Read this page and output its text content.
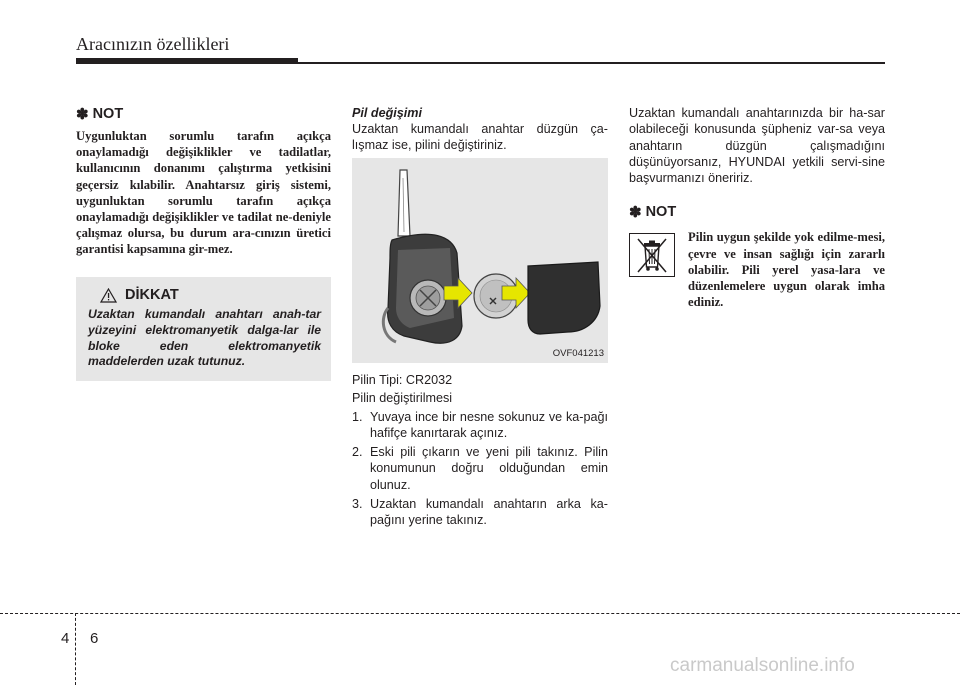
Aracınızın özellikleri
✽ NOT

Uygunluktan sorumlu tarafın açıkça onaylamadığı değişiklikler ve tadilatlar, kullanıcının donanımı çalıştırma yetkisini geçersiz kılabilir. Anahtarsız giriş sistemi, uygunluktan sorumlu tarafın açıkça onaylamadığı değişiklikler ve tadilat ne-deniyle çalışmaz olursa, bu durum ara-cınızın üretici garantisi kapsamına gir-mez.

DİKKAT

Uzaktan kumandalı anahtarı anah-tar yüzeyini elektromanyetik dalga-lar ile bloke eden elektromanyetik maddelerden uzak tutunuz.

Pil değişimi

Uzaktan kumandalı anahtar düzgün ça-lışmaz ise, pilini değiştiriniz.

OVF041213

Pilin Tipi: CR2032

Pilin değiştirilmesi

1. Yuvaya ince bir nesne sokunuz ve ka-pağı hafifçe kanırtarak açınız.
2. Eski pili çıkarın ve yeni pili takınız. Pilin konumunun doğru olduğundan emin olunuz.
3. Uzaktan kumandalı anahtarın arka ka-pağını yerine takınız.

Uzaktan kumandalı anahtarınızda bir ha-sar olabileceği konusunda şüpheniz var-sa veya anahtarın düzgün çalışmadığını düşünüyorsanız, HYUNDAI yetkili servi-sine başvurmanızı öneririz.

✽ NOT

Pilin uygun şekilde yok edilme-mesi, çevre ve insan sağlığı için zararlı olabilir. Pili yerel yasa-lara ve düzenlemelere uygun olarak imha ediniz.

4 6
carmanualsonline.info
